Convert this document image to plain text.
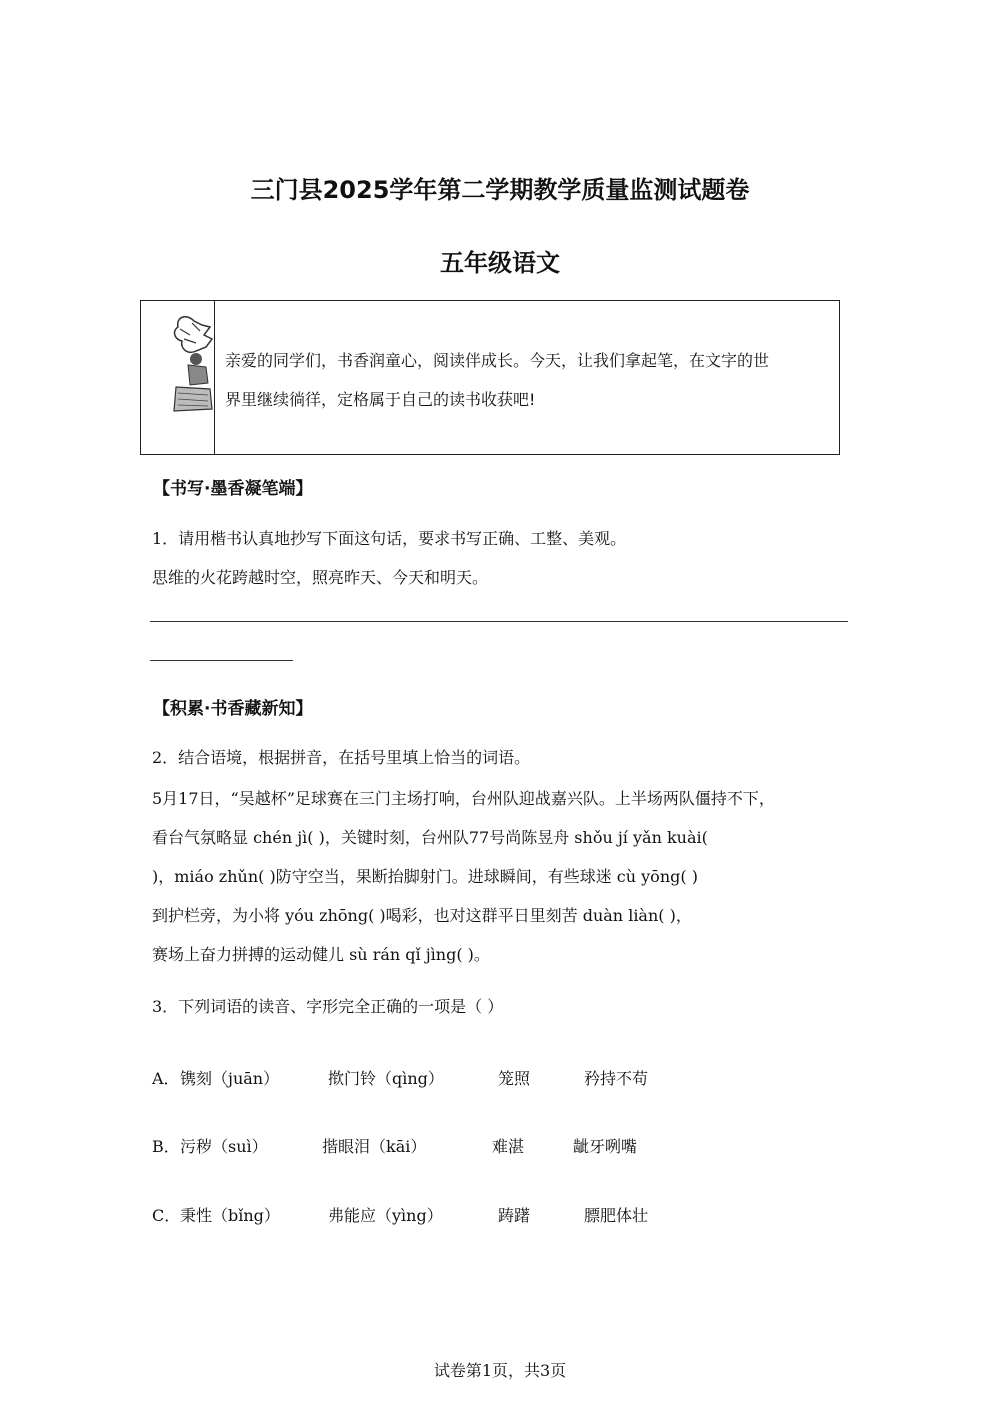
三门县2025学年第二学期教学质量监测试题卷
五年级语文
亲爱的同学们，书香润童心，阅读伴成长。今天，让我们拿起笔，在文字的世
界里继续徜徉，定格属于自己的读书收获吧!
【书写·墨香凝笔端】
1．请用楷书认真地抄写下面这句话，要求书写正确、工整、美观。
思维的火花跨越时空，照亮昨天、今天和明天。
【积累·书香藏新知】
2．结合语境，根据拼音，在括号里填上恰当的词语。
5月17日，“吴越杯”足球赛在三门主场打响，台州队迎战嘉兴队。上半场两队僵持不下，
看台气氛略显 chén jì( )，关键时刻，台州队77号尚陈昱舟 shǒu jí yǎn kuài(
)，miáo zhǔn( )防守空当，果断抬脚射门。进球瞬间，有些球迷 cù yōng( )
到护栏旁，为小将 yóu zhōng( )喝彩，也对这群平日里刻苦 duàn liàn( )，
赛场上奋力拼搏的运动健儿 sù rán qǐ jìng( )。
3．下列词语的读音、字形完全正确的一项是（ ）
A． 镌刻（juān）	揿门铃（qìng）	笼照	矜持不苟
B． 污秽（suì）	揩眼泪（kāi）	难湛	龇牙咧嘴
C． 秉性（bǐng）	弗能应（yìng）	踌躇	膘肥体壮
试卷第1页，共3页
